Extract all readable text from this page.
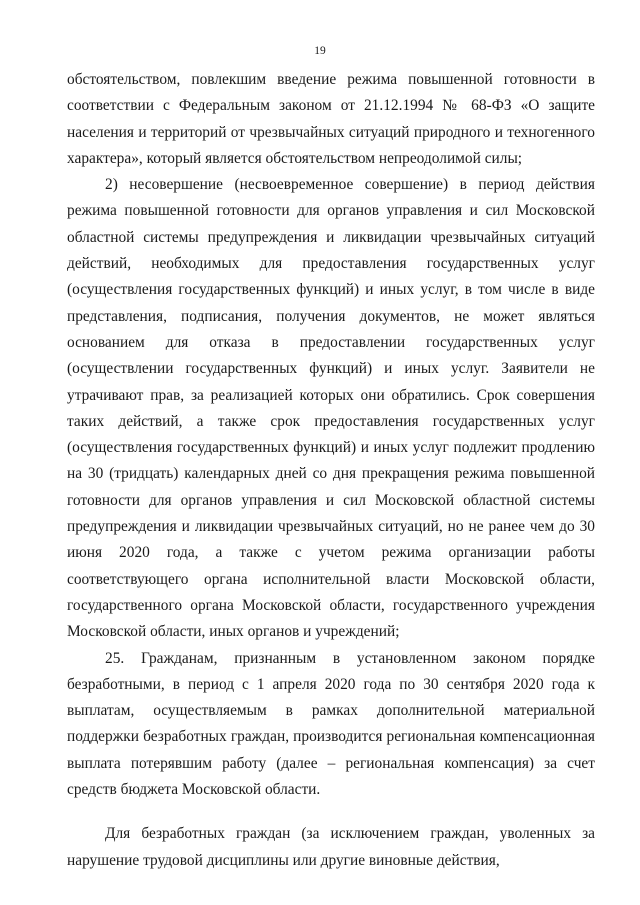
19

обстоятельством, повлекшим введение режима повышенной готовности в соответствии с Федеральным законом от 21.12.1994 № 68-ФЗ «О защите населения и территорий от чрезвычайных ситуаций природного и техногенного характера», который является обстоятельством непреодолимой силы;

2) несовершение (несвоевременное совершение) в период действия режима повышенной готовности для органов управления и сил Московской областной системы предупреждения и ликвидации чрезвычайных ситуаций действий, необходимых для предоставления государственных услуг (осуществления государственных функций) и иных услуг, в том числе в виде представления, подписания, получения документов, не может являться основанием для отказа в предоставлении государственных услуг (осуществлении государственных функций) и иных услуг. Заявители не утрачивают прав, за реализацией которых они обратились. Срок совершения таких действий, а также срок предоставления государственных услуг (осуществления государственных функций) и иных услуг подлежит продлению на 30 (тридцать) календарных дней со дня прекращения режима повышенной готовности для органов управления и сил Московской областной системы предупреждения и ликвидации чрезвычайных ситуаций, но не ранее чем до 30 июня 2020 года, а также с учетом режима организации работы соответствующего органа исполнительной власти Московской области, государственного органа Московской области, государственного учреждения Московской области, иных органов и учреждений;

25. Гражданам, признанным в установленном законом порядке безработными, в период с 1 апреля 2020 года по 30 сентября 2020 года к выплатам, осуществляемым в рамках дополнительной материальной поддержки безработных граждан, производится региональная компенсационная выплата потерявшим работу (далее – региональная компенсация) за счет средств бюджета Московской области.

Для безработных граждан (за исключением граждан, уволенных за нарушение трудовой дисциплины или другие виновные действия,
